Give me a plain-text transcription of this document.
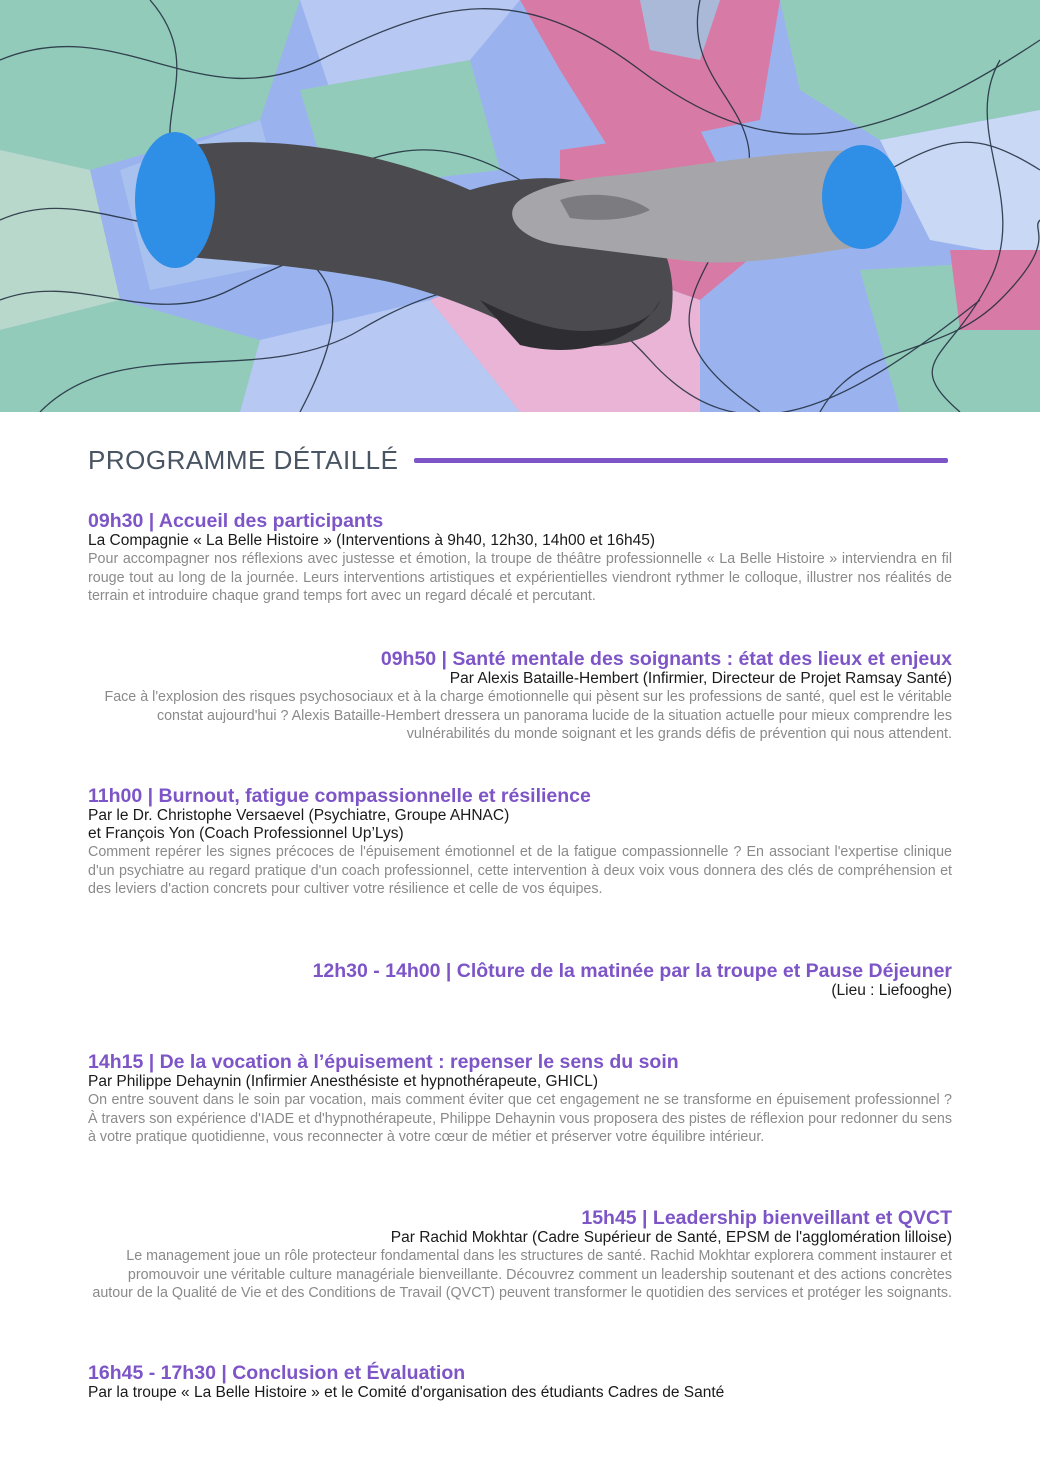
PROGRAMME DÉTAILLÉ
09h30 | Accueil des participants
La Compagnie « La Belle Histoire » (Interventions à 9h40, 12h30, 14h00 et 16h45)
Pour accompagner nos réflexions avec justesse et émotion, la troupe de théâtre professionnelle « La Belle Histoire » interviendra en fil rouge tout au long de la journée. Leurs interventions artistiques et expérientielles viendront rythmer le colloque, illustrer nos réalités de terrain et introduire chaque grand temps fort avec un regard décalé et percutant.
09h50 | Santé mentale des soignants : état des lieux et enjeux
Par Alexis Bataille-Hembert (Infirmier, Directeur de Projet Ramsay Santé)
Face à l'explosion des risques psychosociaux et à la charge émotionnelle qui pèsent sur les professions de santé, quel est le véritable constat aujourd'hui ? Alexis Bataille-Hembert dressera un panorama lucide de la situation actuelle pour mieux comprendre les vulnérabilités du monde soignant et les grands défis de prévention qui nous attendent.
11h00 | Burnout, fatigue compassionnelle et résilience
Par le Dr. Christophe Versaevel (Psychiatre, Groupe AHNAC)
et François Yon (Coach Professionnel Up’Lys)
Comment repérer les signes précoces de l'épuisement émotionnel et de la fatigue compassionnelle ? En associant l'expertise clinique d'un psychiatre au regard pratique d'un coach professionnel, cette intervention à deux voix vous donnera des clés de compréhension et des leviers d'action concrets pour cultiver votre résilience et celle de vos équipes.
12h30 - 14h00 | Clôture de la matinée par la troupe et Pause Déjeuner
(Lieu : Liefooghe)
14h15 | De la vocation à l’épuisement : repenser le sens du soin
Par Philippe Dehaynin (Infirmier Anesthésiste et hypnothérapeute, GHICL)
On entre souvent dans le soin par vocation, mais comment éviter que cet engagement ne se transforme en épuisement professionnel ? À travers son expérience d'IADE et d'hypnothérapeute, Philippe Dehaynin vous proposera des pistes de réflexion pour redonner du sens à votre pratique quotidienne, vous reconnecter à votre cœur de métier et préserver votre équilibre intérieur.
15h45 | Leadership bienveillant et QVCT
Par Rachid Mokhtar (Cadre Supérieur de Santé, EPSM de l'agglomération lilloise)
Le management joue un rôle protecteur fondamental dans les structures de santé. Rachid Mokhtar explorera comment instaurer et promouvoir une véritable culture managériale bienveillante. Découvrez comment un leadership soutenant et des actions concrètes autour de la Qualité de Vie et des Conditions de Travail (QVCT) peuvent transformer le quotidien des services et protéger les soignants.
16h45 - 17h30 | Conclusion et Évaluation
Par la troupe « La Belle Histoire » et le Comité d'organisation des étudiants Cadres de Santé
